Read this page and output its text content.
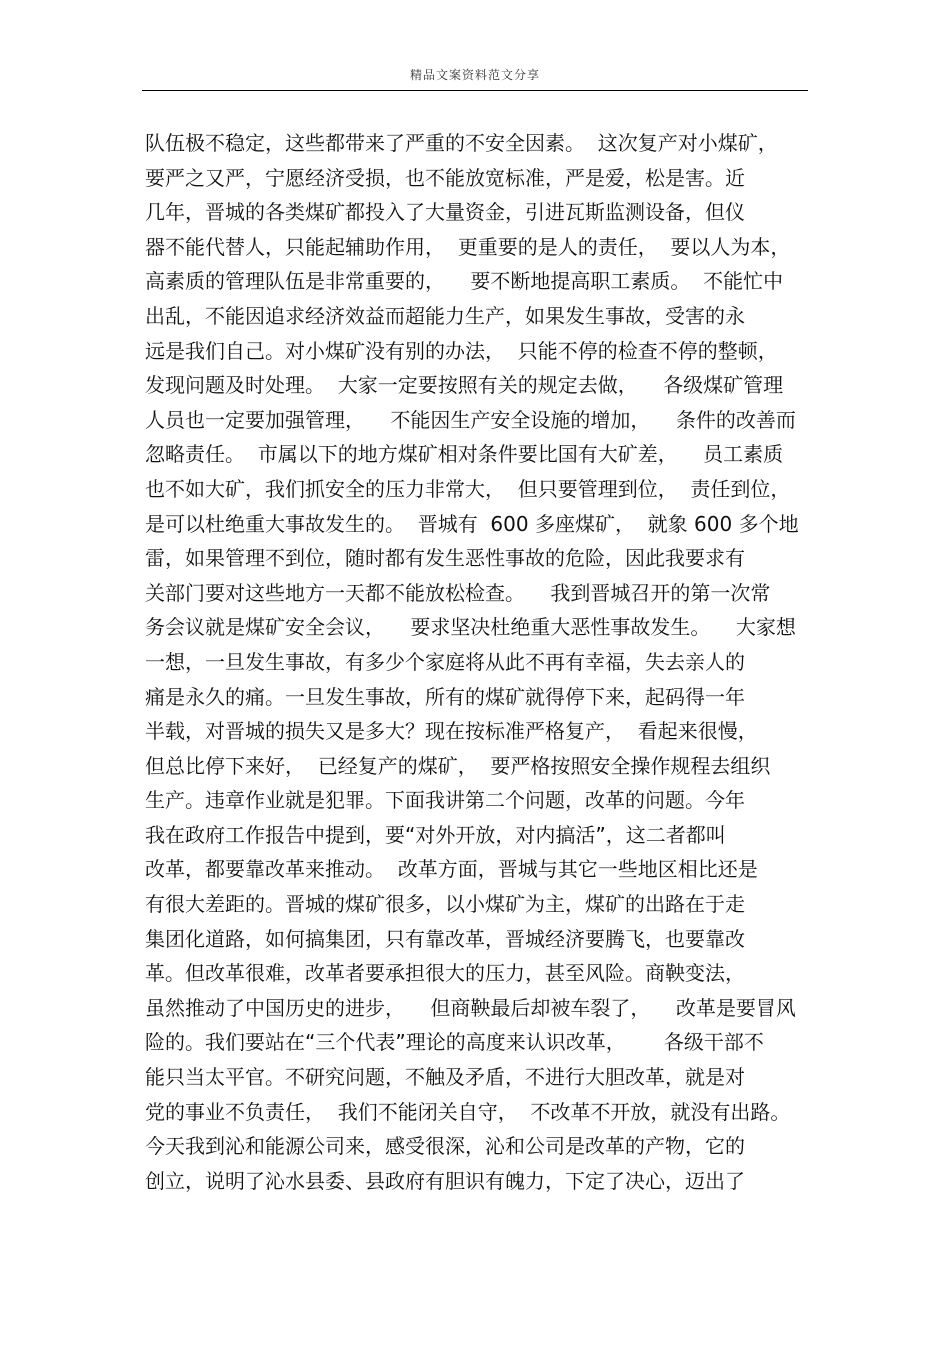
精品文案资料范文分享
队伍极不稳定，这些都带来了严重的不安全因素。  这次复产对小煤矿，
要严之又严，宁愿经济受损，也不能放宽标准，严是爱，松是害。近
几年，晋城的各类煤矿都投入了大量资金，引进瓦斯监测设备，但仪
器不能代替人，只能起辅助作用，  更重要的是人的责任，  要以人为本，
高素质的管理队伍是非常重要的，    要不断地提高职工素质。  不能忙中
出乱，不能因追求经济效益而超能力生产，如果发生事故，受害的永
远是我们自己。对小煤矿没有别的办法，  只能不停的检查不停的整顿，
发现问题及时处理。  大家一定要按照有关的规定去做，    各级煤矿管理
人员也一定要加强管理，    不能因生产安全设施的增加，    条件的改善而
忽略责任。  市属以下的地方煤矿相对条件要比国有大矿差，    员工素质
也不如大矿，我们抓安全的压力非常大，  但只要管理到位，  责任到位，
是可以杜绝重大事故发生的。  晋城有  600 多座煤矿，  就象 600 多个地
雷，如果管理不到位，随时都有发生恶性事故的危险，因此我要求有
关部门要对这些地方一天都不能放松检查。    我到晋城召开的第一次常
务会议就是煤矿安全会议，    要求坚决杜绝重大恶性事故发生。    大家想
一想，一旦发生事故，有多少个家庭将从此不再有幸福，失去亲人的
痛是永久的痛。一旦发生事故，所有的煤矿就得停下来，起码得一年
半载，对晋城的损失又是多大？现在按标准严格复产，  看起来很慢，
但总比停下来好，  已经复产的煤矿，  要严格按照安全操作规程去组织
生产。违章作业就是犯罪。下面我讲第二个问题，改革的问题。今年
我在政府工作报告中提到，要“对外开放，对内搞活”，这二者都叫
改革，都要靠改革来推动。  改革方面，晋城与其它一些地区相比还是
有很大差距的。晋城的煤矿很多，以小煤矿为主，煤矿的出路在于走
集团化道路，如何搞集团，只有靠改革，晋城经济要腾飞，也要靠改
革。但改革很难，改革者要承担很大的压力，甚至风险。商鞅变法，
虽然推动了中国历史的进步，    但商鞅最后却被车裂了，    改革是要冒风
险的。我们要站在“三个代表”理论的高度来认识改革，      各级干部不
能只当太平官。不研究问题，不触及矛盾，不进行大胆改革，就是对
党的事业不负责任，  我们不能闭关自守，  不改革不开放，就没有出路。
今天我到沁和能源公司来，感受很深，沁和公司是改革的产物，它的
创立，说明了沁水县委、县政府有胆识有魄力，下定了决心，迈出了
